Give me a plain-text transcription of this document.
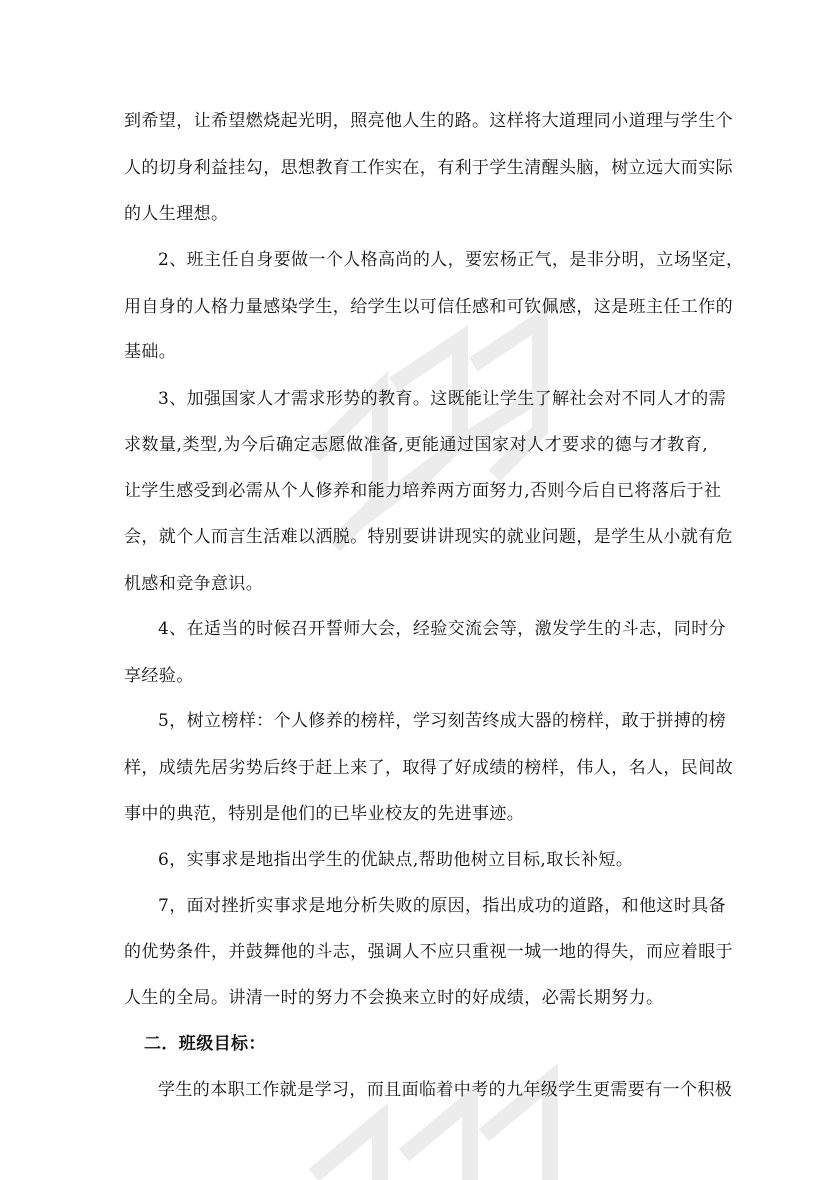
到希望，让希望燃烧起光明，照亮他人生的路。这样将大道理同小道理与学生个
人的切身利益挂勾，思想教育工作实在，有利于学生清醒头脑，树立远大而实际
的人生理想。
2、班主任自身要做一个人格高尚的人，要宏杨正气，是非分明，立场坚定，
用自身的人格力量感染学生，给学生以可信任感和可钦佩感，这是班主任工作的
基础。
3、加强国家人才需求形势的教育。这既能让学生了解社会对不同人才的需
求数量,类型,为今后确定志愿做准备,更能通过国家对人才要求的德与才教育,
让学生感受到必需从个人修养和能力培养两方面努力,否则今后自已将落后于社
会，就个人而言生活难以洒脱。特别要讲讲现实的就业问题，是学生从小就有危
机感和竞争意识。
4、在适当的时候召开誓师大会，经验交流会等，激发学生的斗志，同时分
享经验。
5，树立榜样：个人修养的榜样，学习刻苦终成大器的榜样，敢于拼搏的榜
样，成绩先居劣势后终于赶上来了，取得了好成绩的榜样，伟人，名人，民间故
事中的典范，特别是他们的已毕业校友的先进事迹。
6，实事求是地指出学生的优缺点,帮助他树立目标,取长补短。
7，面对挫折实事求是地分析失败的原因，指出成功的道路，和他这时具备
的优势条件，并鼓舞他的斗志，强调人不应只重视一城一地的得失，而应着眼于
人生的全局。讲清一时的努力不会换来立时的好成绩，必需长期努力。
二．班级目标：
学生的本职工作就是学习，而且面临着中考的九年级学生更需要有一个积极
